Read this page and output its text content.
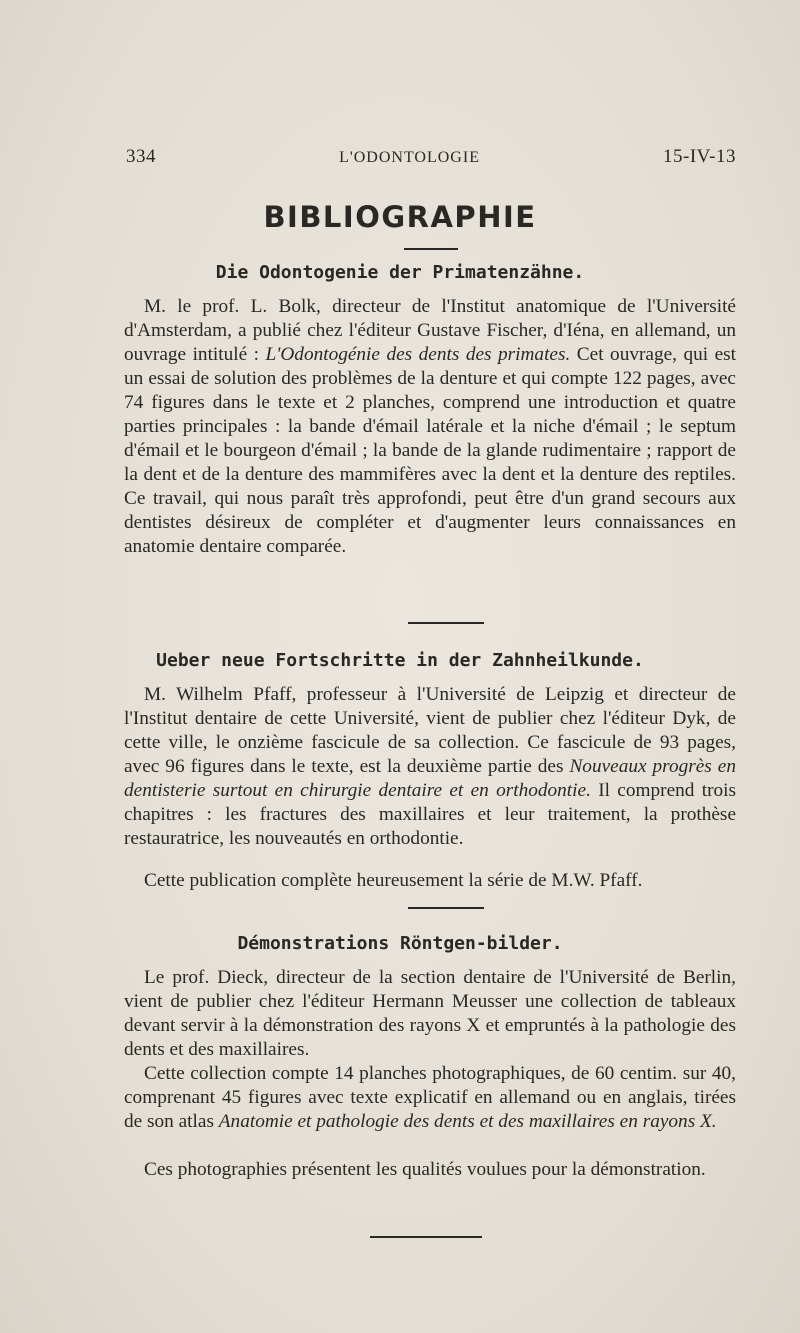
334	L'ODONTOLOGIE	15-IV-13
BIBLIOGRAPHIE
Die Odontogenie der Primatenzähne.

M. le prof. L. Bolk, directeur de l'Institut anatomique de l'Université d'Amsterdam, a publié chez l'éditeur Gustave Fischer, d'Iéna, en allemand, un ouvrage intitulé : L'Odontogénie des dents des primates. Cet ouvrage, qui est un essai de solution des problèmes de la denture et qui compte 122 pages, avec 74 figures dans le texte et 2 planches, comprend une introduction et quatre parties principales : la bande d'émail latérale et la niche d'émail ; le septum d'émail et le bourgeon d'émail ; la bande de la glande rudimentaire ; rapport de la dent et de la denture des mammifères avec la dent et la denture des reptiles. Ce travail, qui nous paraît très approfondi, peut être d'un grand secours aux dentistes désireux de compléter et d'augmenter leurs connaissances en anatomie dentaire comparée.

Ueber neue Fortschritte in der Zahnheilkunde.

M. Wilhelm Pfaff, professeur à l'Université de Leipzig et directeur de l'Institut dentaire de cette Université, vient de publier chez l'éditeur Dyk, de cette ville, le onzième fascicule de sa collection. Ce fascicule de 93 pages, avec 96 figures dans le texte, est la deuxième partie des Nouveaux progrès en dentisterie surtout en chirurgie dentaire et en orthodontie. Il comprend trois chapitres : les fractures des maxillaires et leur traitement, la prothèse restauratrice, les nouveautés en orthodontie.

Cette publication complète heureusement la série de M.W. Pfaff.

Démonstrations Röntgen-bilder.

Le prof. Dieck, directeur de la section dentaire de l'Université de Berlin, vient de publier chez l'éditeur Hermann Meusser une collection de tableaux devant servir à la démonstration des rayons X et empruntés à la pathologie des dents et des maxillaires.

Cette collection compte 14 planches photographiques, de 60 centim. sur 40, comprenant 45 figures avec texte explicatif en allemand ou en anglais, tirées de son atlas Anatomie et pathologie des dents et des maxillaires en rayons X.

Ces photographies présentent les qualités voulues pour la démonstration.
